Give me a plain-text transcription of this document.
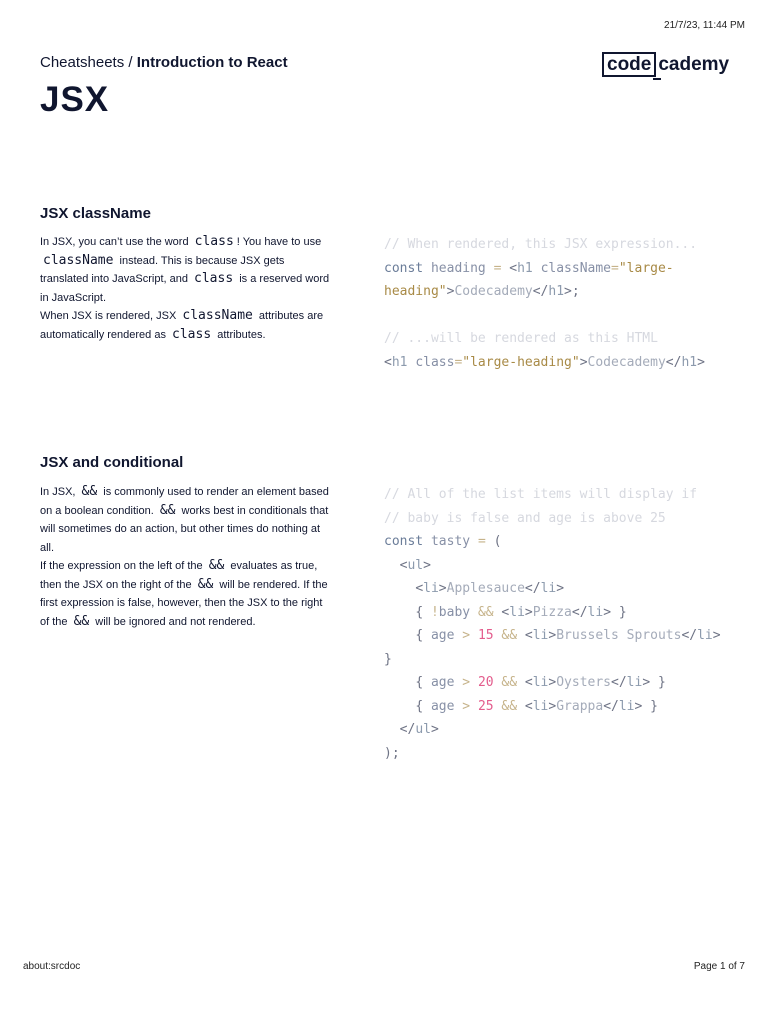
21/7/23, 11:44 PM
Cheatsheets / Introduction to React	code cademy
JSX
JSX className

In JSX, you can’t use the word class ! You have to use className instead. This is because JSX gets translated into JavaScript, and class is a reserved word in JavaScript.

When JSX is rendered, JSX className attributes are automatically rendered as class attributes.

// When rendered, this JSX expression...
const heading = <h1 className="large-heading">Codecademy</h1>;

// ...will be rendered as this HTML
<h1 class="large-heading">Codecademy</h1>
JSX and conditional

In JSX, && is commonly used to render an element based on a boolean condition. && works best in conditionals that will sometimes do an action, but other times do nothing at all.

If the expression on the left of the && evaluates as true, then the JSX on the right of the && will be rendered. If the first expression is false, however, then the JSX to the right of the && will be ignored and not rendered.

// All of the list items will display if
// baby is false and age is above 25
const tasty = (
<ul>
<li>Applesauce</li>
{ !baby && <li>Pizza</li> }
{ age > 15 && <li>Brussels Sprouts</li> }
{ age > 20 && <li>Oysters</li> }
{ age > 25 && <li>Grappa</li> }
</ul>
);
about:srcdoc	Page 1 of 7
